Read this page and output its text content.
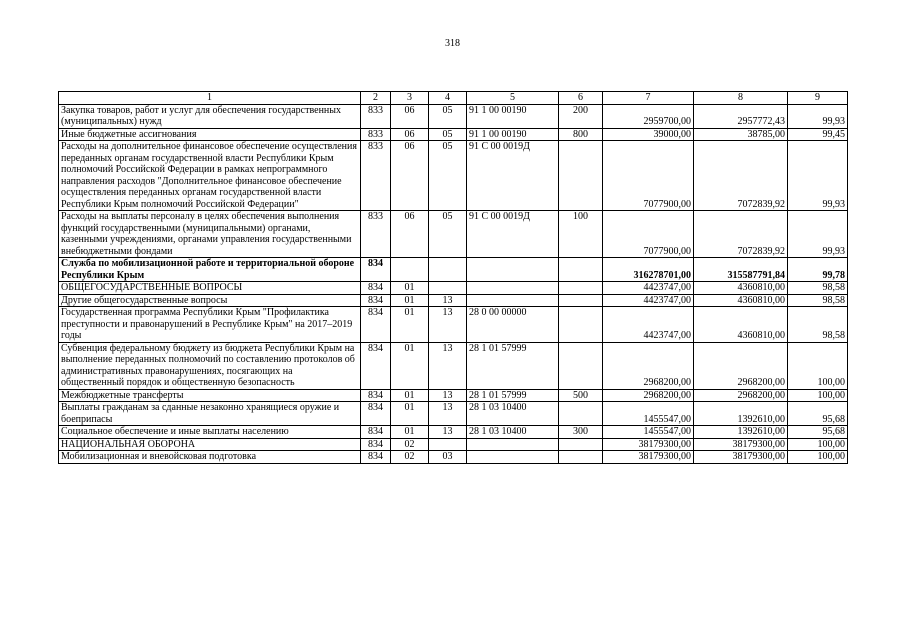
318
1	2	3	4	5	6	7	8	9
Закупка товаров, работ и услуг для обеспечения государственных (муниципальных) нужд	833	06	05	91 1 00 00190	200	2959700,00	2957772,43	99,93
Иные бюджетные ассигнования	833	06	05	91 1 00 00190	800	39000,00	38785,00	99,45
Расходы на дополнительное финансовое обеспечение осуществления переданных органам государственной власти Республики Крым полномочий Российской Федерации в рамках непрограммного направления расходов "Дополнительное финансовое обеспечение осуществления переданных органам государственной власти Республики Крым полномочий Российской Федерации"	833	06	05	91 С 00 0019Д		7077900,00	7072839,92	99,93
Расходы на выплаты персоналу в целях обеспечения выполнения функций государственными (муниципальными) органами, казенными учреждениями, органами управления государственными внебюджетными фондами	833	06	05	91 С 00 0019Д	100	7077900,00	7072839,92	99,93
Служба по мобилизационной работе и территориальной обороне Республики Крым	834					316278701,00	315587791,84	99,78
ОБЩЕГОСУДАРСТВЕННЫЕ ВОПРОСЫ	834	01				4423747,00	4360810,00	98,58
Другие общегосударственные вопросы	834	01	13			4423747,00	4360810,00	98,58
Государственная программа Республики Крым "Профилактика преступности и правонарушений в Республике Крым" на 2017–2019 годы	834	01	13	28 0 00 00000		4423747,00	4360810,00	98,58
Субвенция федеральному бюджету из бюджета Республики Крым на выполнение переданных полномочий по составлению протоколов об административных правонарушениях, посягающих на общественный порядок и общественную безопасность	834	01	13	28 1 01 57999		2968200,00	2968200,00	100,00
Межбюджетные трансферты	834	01	13	28 1 01 57999	500	2968200,00	2968200,00	100,00
Выплаты гражданам за сданные незаконно хранящиеся оружие и боеприпасы	834	01	13	28 1 03 10400		1455547,00	1392610,00	95,68
Социальное обеспечение и иные выплаты населению	834	01	13	28 1 03 10400	300	1455547,00	1392610,00	95,68
НАЦИОНАЛЬНАЯ ОБОРОНА	834	02				38179300,00	38179300,00	100,00
Мобилизационная и вневойсковая подготовка	834	02	03			38179300,00	38179300,00	100,00
